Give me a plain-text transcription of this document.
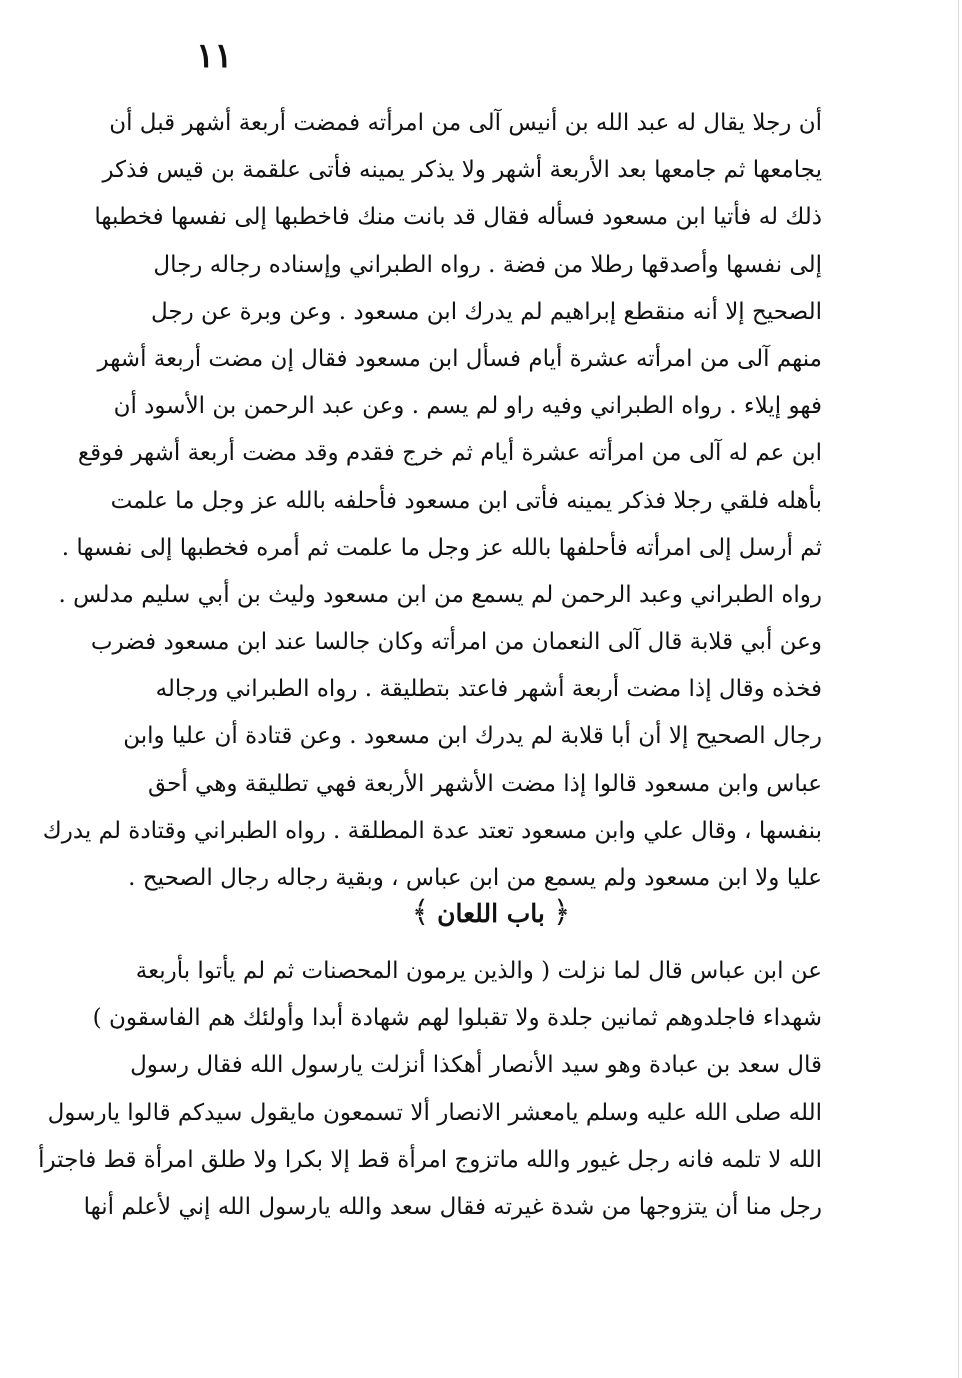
١١
أن رجلا يقال له عبد الله بن أنيس آلى من امرأته فمضت أربعة أشهر قبل أن
يجامعها ثم جامعها بعد الأربعة أشهر ولا يذكر يمينه فأتى علقمة بن قيس فذكر
ذلك له فأتيا ابن مسعود فسأله فقال قد بانت منك فاخطبها إلى نفسها فخطبها
إلى نفسها وأصدقها رطلا من فضة . رواه الطبراني وإسناده رجاله رجال
الصحيح إلا أنه منقطع إبراهيم لم يدرك ابن مسعود . وعن وبرة عن رجل
منهم آلى من امرأته عشرة أيام فسأل ابن مسعود فقال إن مضت أربعة أشهر
فهو إيلاء . رواه الطبراني وفيه راو لم يسم . وعن عبد الرحمن بن الأسود أن
ابن عم له آلى من امرأته عشرة أيام ثم خرج فقدم وقد مضت أربعة أشهر فوقع
بأهله فلقي رجلا فذكر يمينه فأتى ابن مسعود فأحلفه بالله عز وجل ما علمت
ثم أرسل إلى امرأته فأحلفها بالله عز وجل ما علمت ثم أمره فخطبها إلى نفسها .
رواه الطبراني وعبد الرحمن لم يسمع من ابن مسعود وليث بن أبي سليم مدلس .
وعن أبي قلابة قال آلى النعمان من امرأته وكان جالسا عند ابن مسعود فضرب
فخذه وقال إذا مضت أربعة أشهر فاعتد بتطليقة . رواه الطبراني ورجاله
رجال الصحيح إلا أن أبا قلابة لم يدرك ابن مسعود . وعن قتادة أن عليا وابن
عباس وابن مسعود قالوا إذا مضت الأشهر الأربعة فهي تطليقة وهي أحق
بنفسها ، وقال علي وابن مسعود تعتد عدة المطلقة . رواه الطبراني وقتادة لم يدرك
عليا ولا ابن مسعود ولم يسمع من ابن عباس ، وبقية رجاله رجال الصحيح .
﴿باب اللعان﴾
عن ابن عباس قال لما نزلت ( والذين يرمون المحصنات ثم لم يأتوا بأربعة
شهداء فاجلدوهم ثمانين جلدة ولا تقبلوا لهم شهادة أبدا وأولئك هم الفاسقون )
قال سعد بن عبادة وهو سيد الأنصار أهكذا أنزلت يارسول الله فقال رسول
الله صلى الله عليه وسلم يامعشر الانصار ألا تسمعون مايقول سيدكم قالوا يارسول
الله لا تلمه فانه رجل غيور والله ماتزوج امرأة قط إلا بكرا ولا طلق امرأة قط فاجترأ
رجل منا أن يتزوجها من شدة غيرته فقال سعد والله يارسول الله إني لأعلم أنها
